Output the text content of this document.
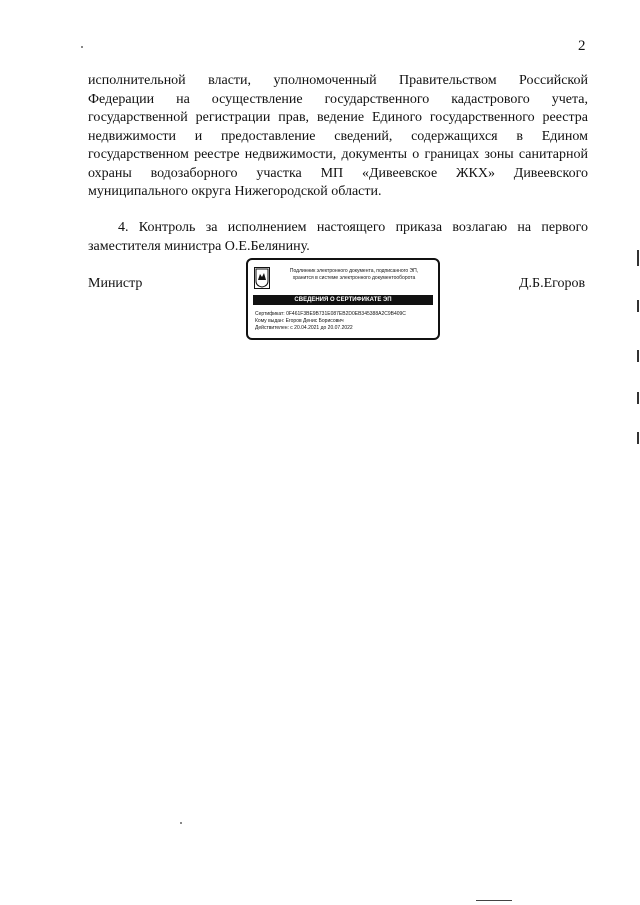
2
исполнительной власти, уполномоченный Правительством Российской
Федерации на осуществление государственного кадастрового учета,
государственной регистрации прав, ведение Единого государственного реестра
недвижимости и предоставление сведений, содержащихся в Едином
государственном реестре недвижимости, документы о границах зоны санитарной
охраны водозаборного участка МП «Дивеевское ЖКХ» Дивеевского
муниципального округа Нижегородской области.
4. Контроль за исполнением настоящего приказа возлагаю на первого
заместителя министра О.Е.Белянину.
Министр
Подлинник электронного документа, подписанного ЭП,
хранится в системе электронного документооборота
СВЕДЕНИЯ О СЕРТИФИКАТЕ ЭП
Сертификат: 0F461F3BE9B731E087EB2D0EB345388A2C9B409C
Кому выдан: Егоров Денис Борисович
Действителен: с 20.04.2021 до 20.07.2022
Д.Б.Егоров
